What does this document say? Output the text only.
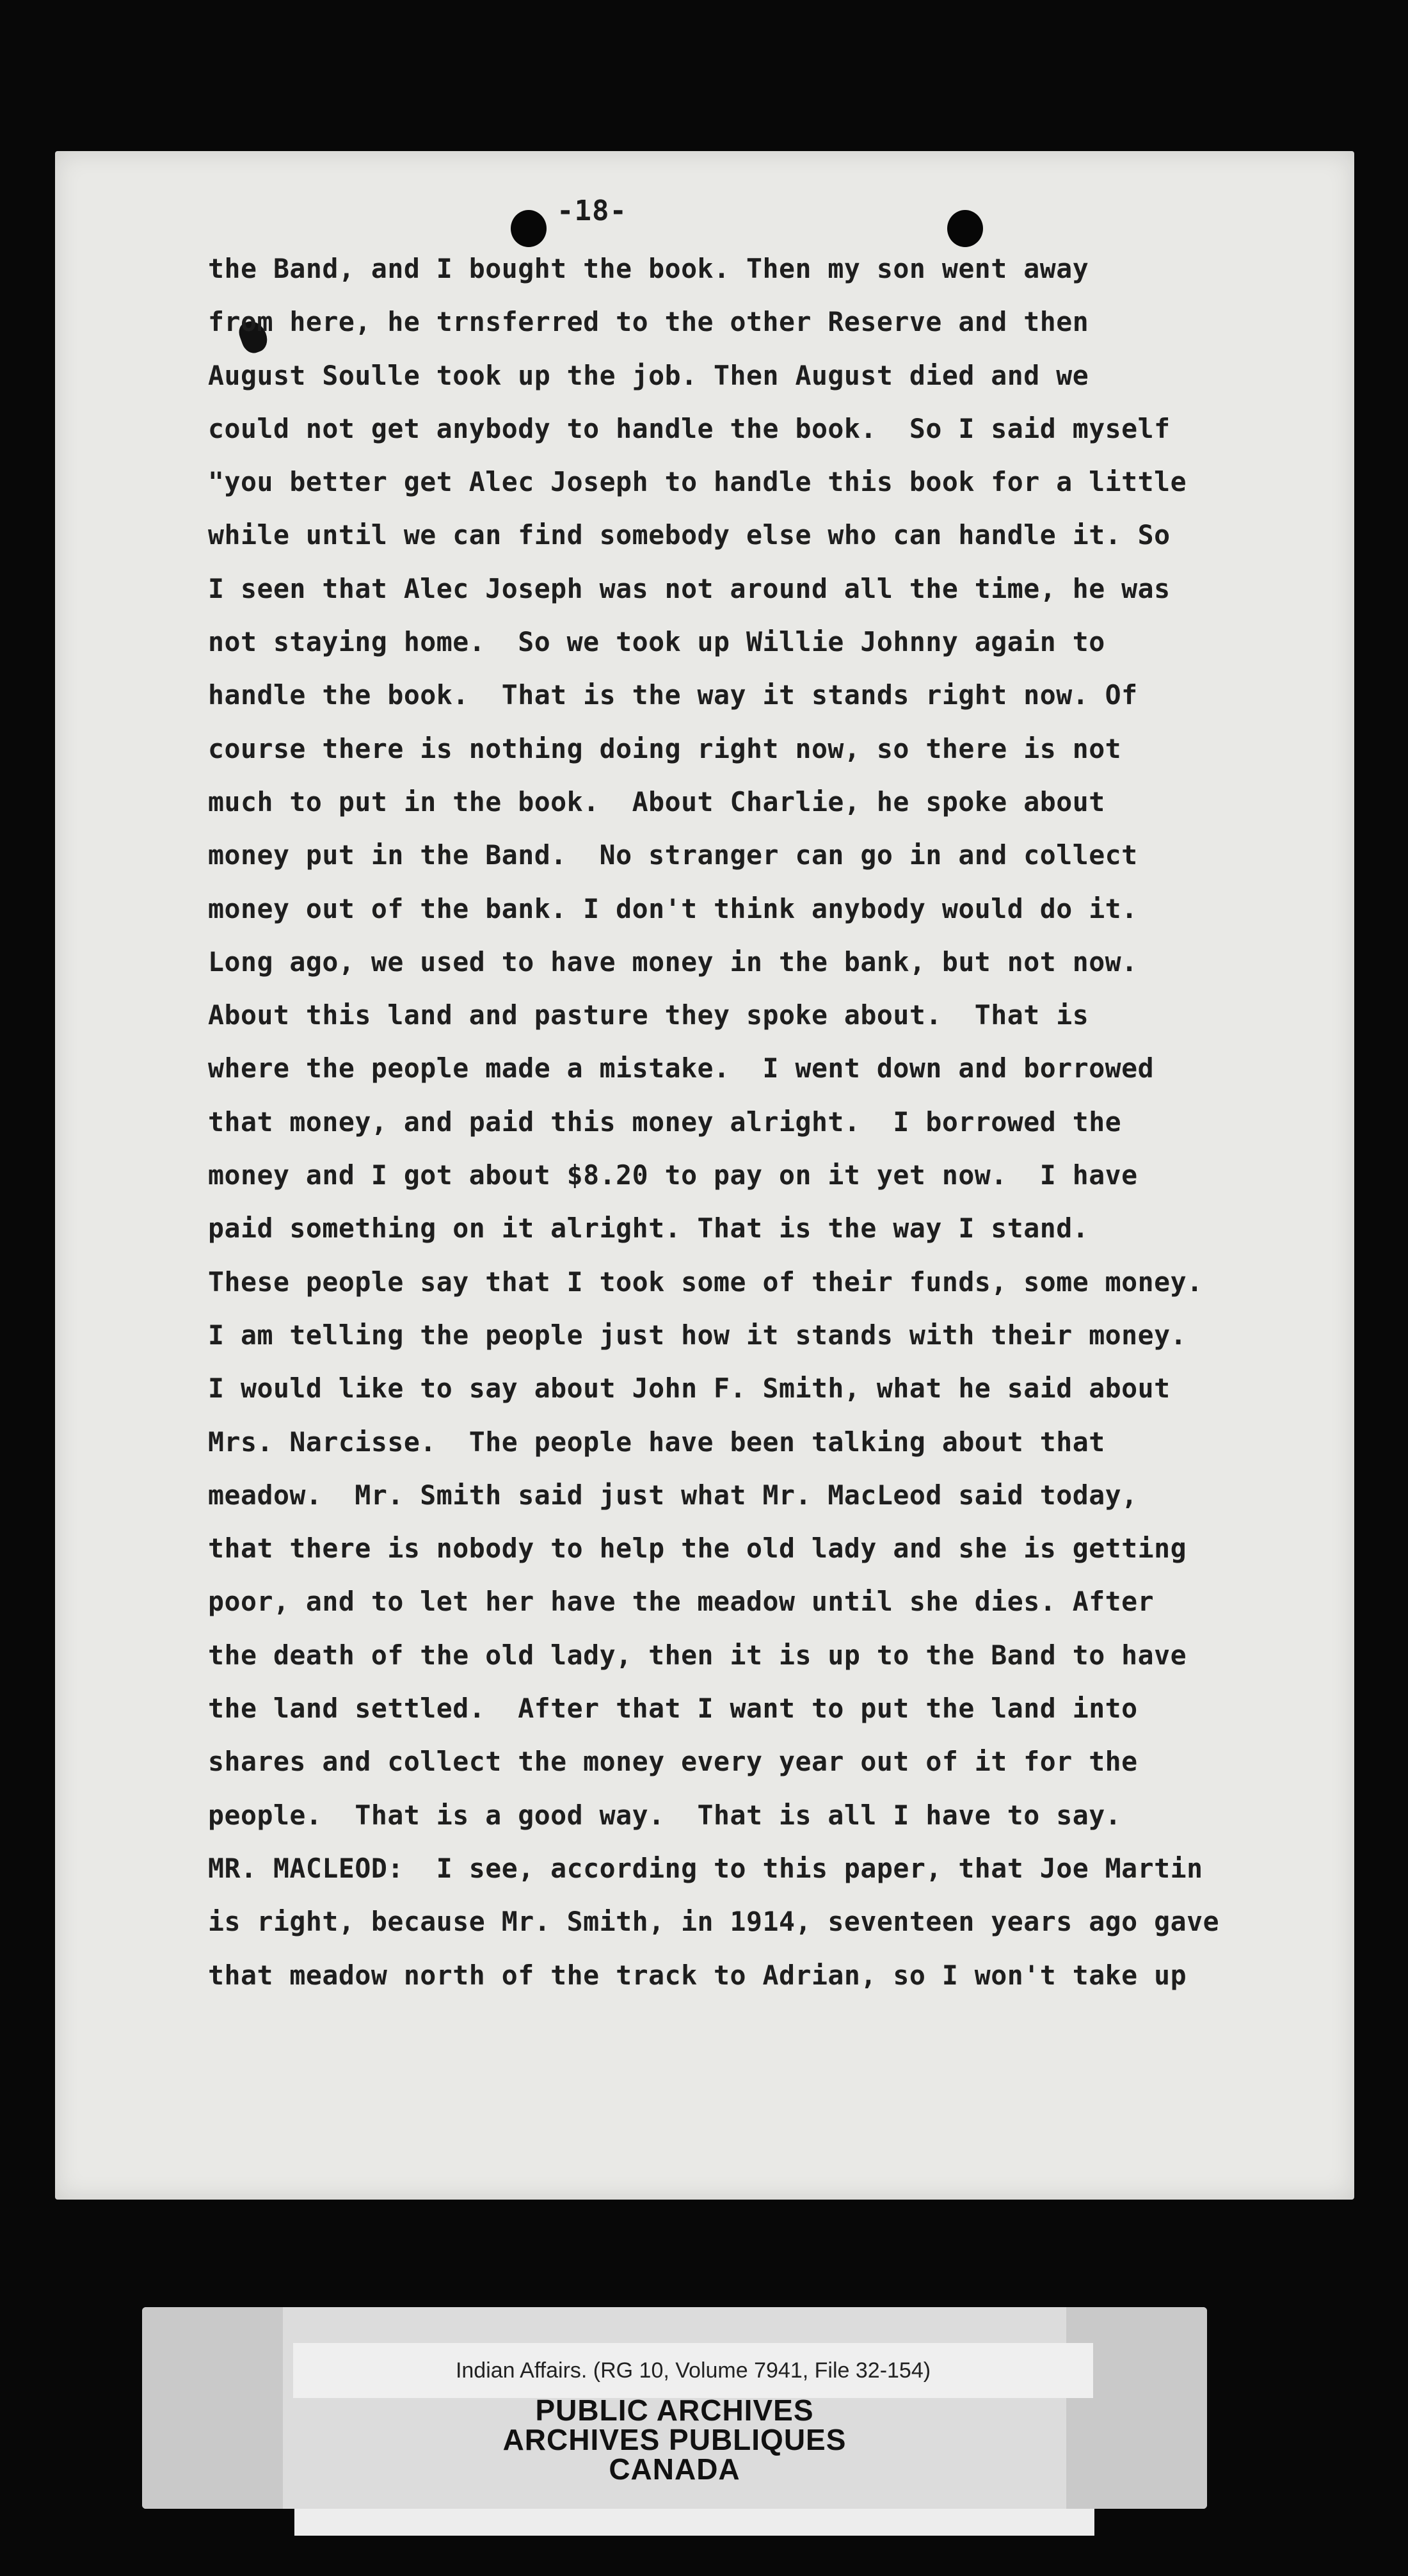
-18-
the Band, and I bought the book. Then my son went away
from here, he trnsferred to the other Reserve and then
August Soulle took up the job. Then August died and we
could not get anybody to handle the book.  So I said myself
"you better get Alec Joseph to handle this book for a little
while until we can find somebody else who can handle it. So
I seen that Alec Joseph was not around all the time, he was
not staying home.  So we took up Willie Johnny again to
handle the book.  That is the way it stands right now. Of
course there is nothing doing right now, so there is not
much to put in the book.  About Charlie, he spoke about
money put in the Band.  No stranger can go in and collect
money out of the bank. I don't think anybody would do it.
Long ago, we used to have money in the bank, but not now.
About this land and pasture they spoke about.  That is
where the people made a mistake.  I went down and borrowed
that money, and paid this money alright.  I borrowed the
money and I got about $8.20 to pay on it yet now.  I have
paid something on it alright. That is the way I stand.
These people say that I took some of their funds, some money.
I am telling the people just how it stands with their money.
I would like to say about John F. Smith, what he said about
Mrs. Narcisse.  The people have been talking about that
meadow.  Mr. Smith said just what Mr. MacLeod said today,
that there is nobody to help the old lady and she is getting
poor, and to let her have the meadow until she dies. After
the death of the old lady, then it is up to the Band to have
the land settled.  After that I want to put the land into
shares and collect the money every year out of it for the
people.  That is a good way.  That is all I have to say.
MR. MACLEOD:  I see, according to this paper, that Joe Martin
is right, because Mr. Smith, in 1914, seventeen years ago gave
that meadow north of the track to Adrian, so I won't take up
Indian Affairs. (RG 10, Volume 7941, File 32-154)
PUBLIC ARCHIVES
ARCHIVES PUBLIQUES
CANADA
